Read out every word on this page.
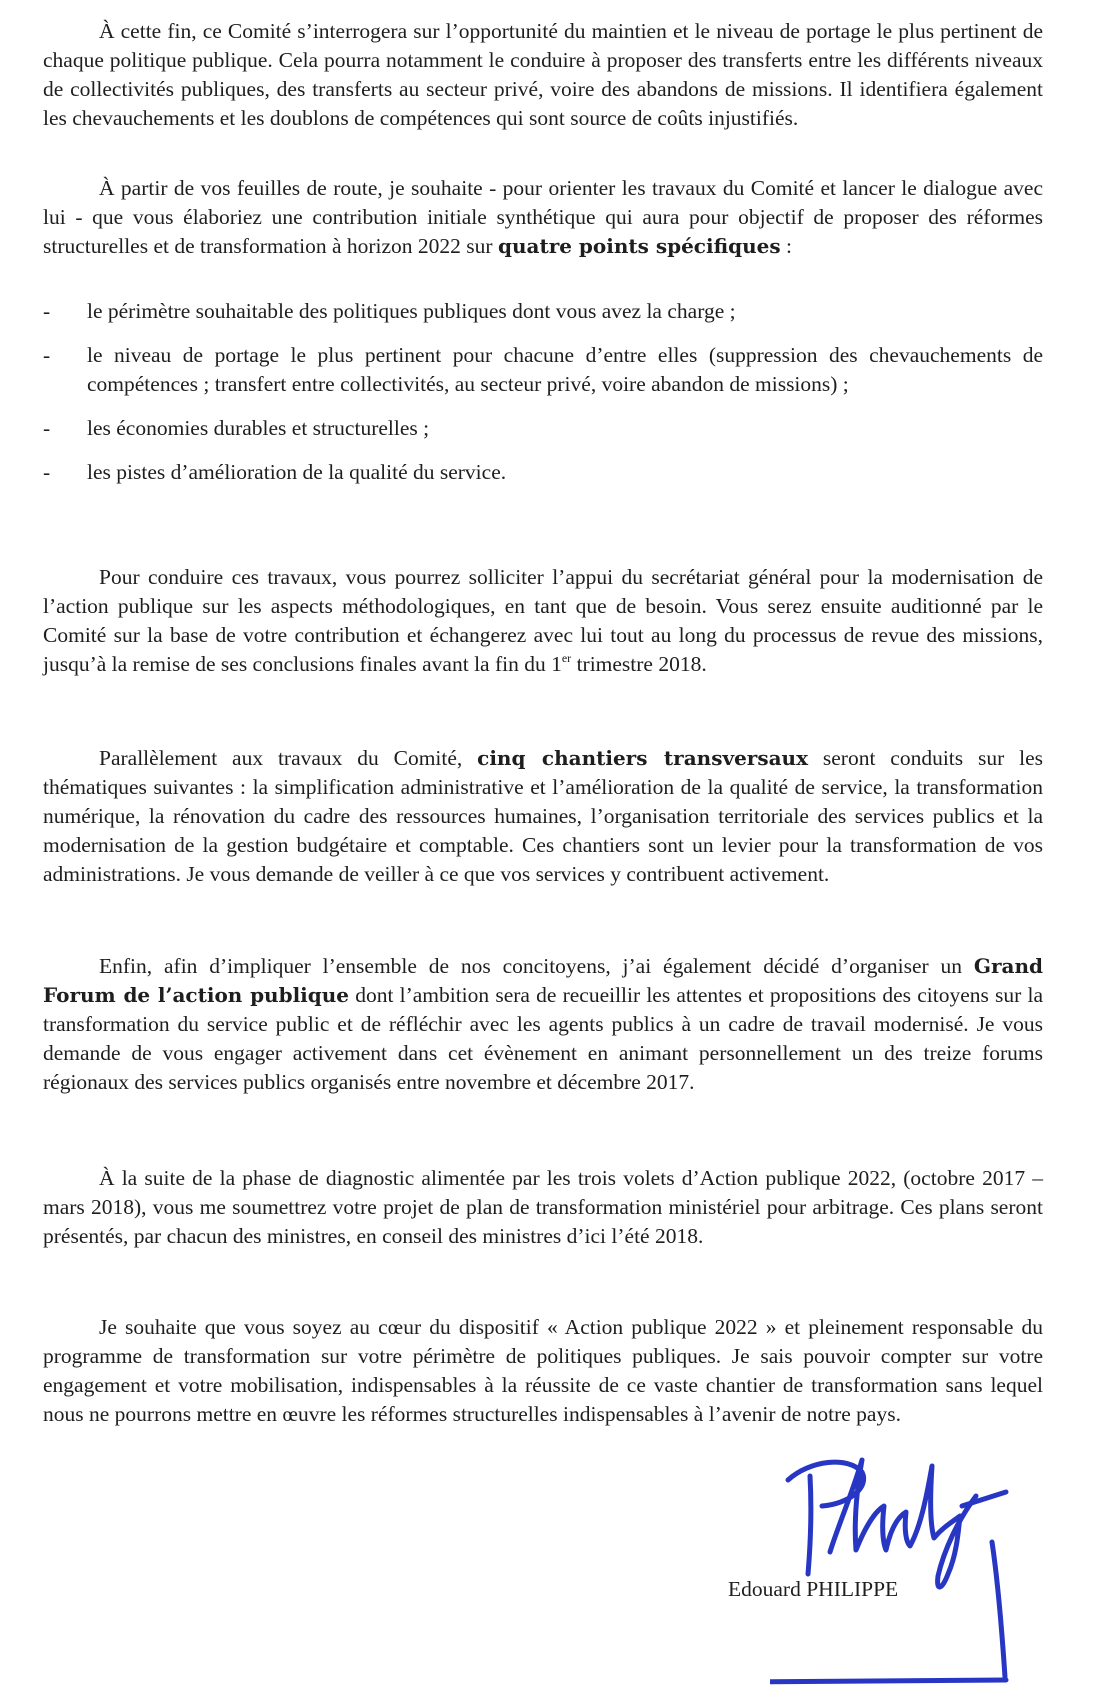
À cette fin, ce Comité s’interrogera sur l’opportunité du maintien et le niveau de portage le plus pertinent de chaque politique publique. Cela pourra notamment le conduire à proposer des transferts entre les différents niveaux de collectivités publiques, des transferts au secteur privé, voire des abandons de missions. Il identifiera également les chevauchements et les doublons de compétences qui sont source de coûts injustifiés.

À partir de vos feuilles de route, je souhaite - pour orienter les travaux du Comité et lancer le dialogue avec lui - que vous élaboriez une contribution initiale synthétique qui aura pour objectif de proposer des réformes structurelles et de transformation à horizon 2022 sur quatre points spécifiques :

-	le périmètre souhaitable des politiques publiques dont vous avez la charge ;
-	le niveau de portage le plus pertinent pour chacune d’entre elles (suppression des chevauchements de compétences ; transfert entre collectivités, au secteur privé, voire abandon de missions) ;
-	les économies durables et structurelles ;
-	les pistes d’amélioration de la qualité du service.

Pour conduire ces travaux, vous pourrez solliciter l’appui du secrétariat général pour la modernisation de l’action publique sur les aspects méthodologiques, en tant que de besoin. Vous serez ensuite auditionné par le Comité sur la base de votre contribution et échangerez avec lui tout au long du processus de revue des missions, jusqu’à la remise de ses conclusions finales avant la fin du 1er trimestre 2018.

Parallèlement aux travaux du Comité, cinq chantiers transversaux seront conduits sur les thématiques suivantes : la simplification administrative et l’amélioration de la qualité de service, la transformation numérique, la rénovation du cadre des ressources humaines, l’organisation territoriale des services publics et la modernisation de la gestion budgétaire et comptable. Ces chantiers sont un levier pour la transformation de vos administrations. Je vous demande de veiller à ce que vos services y contribuent activement.

Enfin, afin d’impliquer l’ensemble de nos concitoyens, j’ai également décidé d’organiser un Grand Forum de l’action publique dont l’ambition sera de recueillir les attentes et propositions des citoyens sur la transformation du service public et de réfléchir avec les agents publics à un cadre de travail modernisé. Je vous demande de vous engager activement dans cet évènement en animant personnellement un des treize forums régionaux des services publics organisés entre novembre et décembre 2017.

À la suite de la phase de diagnostic alimentée par les trois volets d’Action publique 2022, (octobre 2017 – mars 2018), vous me soumettrez votre projet de plan de transformation ministériel pour arbitrage. Ces plans seront présentés, par chacun des ministres, en conseil des ministres d’ici l’été 2018.

Je souhaite que vous soyez au cœur du dispositif « Action publique 2022 » et pleinement responsable du programme de transformation sur votre périmètre de politiques publiques. Je sais pouvoir compter sur votre engagement et votre mobilisation, indispensables à la réussite de ce vaste chantier de transformation sans lequel nous ne pourrons mettre en œuvre les réformes structurelles indispensables à l’avenir de notre pays.

Edouard PHILIPPE
